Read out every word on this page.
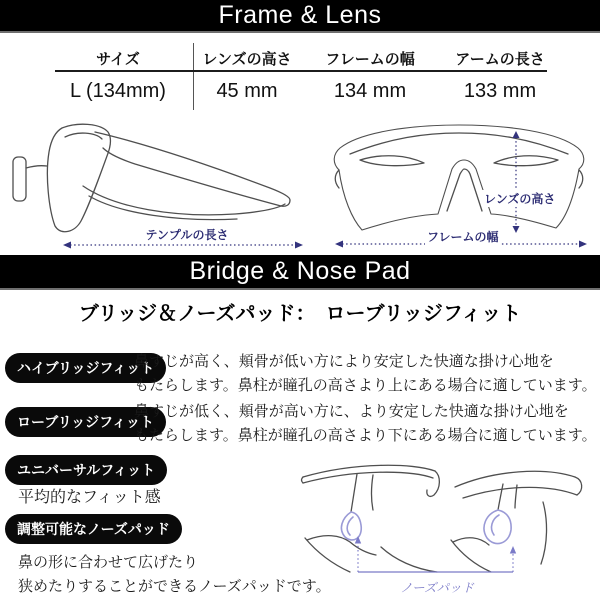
Frame & Lens
サイズ	レンズの高さ	フレームの幅	アームの長さ
L (134mm)	45 mm	134 mm	133 mm
テンプルの長さ
レンズの高さ
フレームの幅
Bridge & Nose Pad
ブリッジ＆ノーズパッド：　ローブリッジフィット
ハイブリッジフィット
鼻すじが高く、頬骨が低い方により安定した快適な掛け心地を
もたらします。鼻柱が瞳孔の高さより上にある場合に適しています。
ローブリッジフィット
鼻すじが低く、頬骨が高い方に、より安定した快適な掛け心地を
もたらします。鼻柱が瞳孔の高さより下にある場合に適しています。
ユニバーサルフィット
平均的なフィット感
調整可能なノーズパッド
鼻の形に合わせて広げたり
狭めたりすることができるノーズパッドです。	ノーズパッド
